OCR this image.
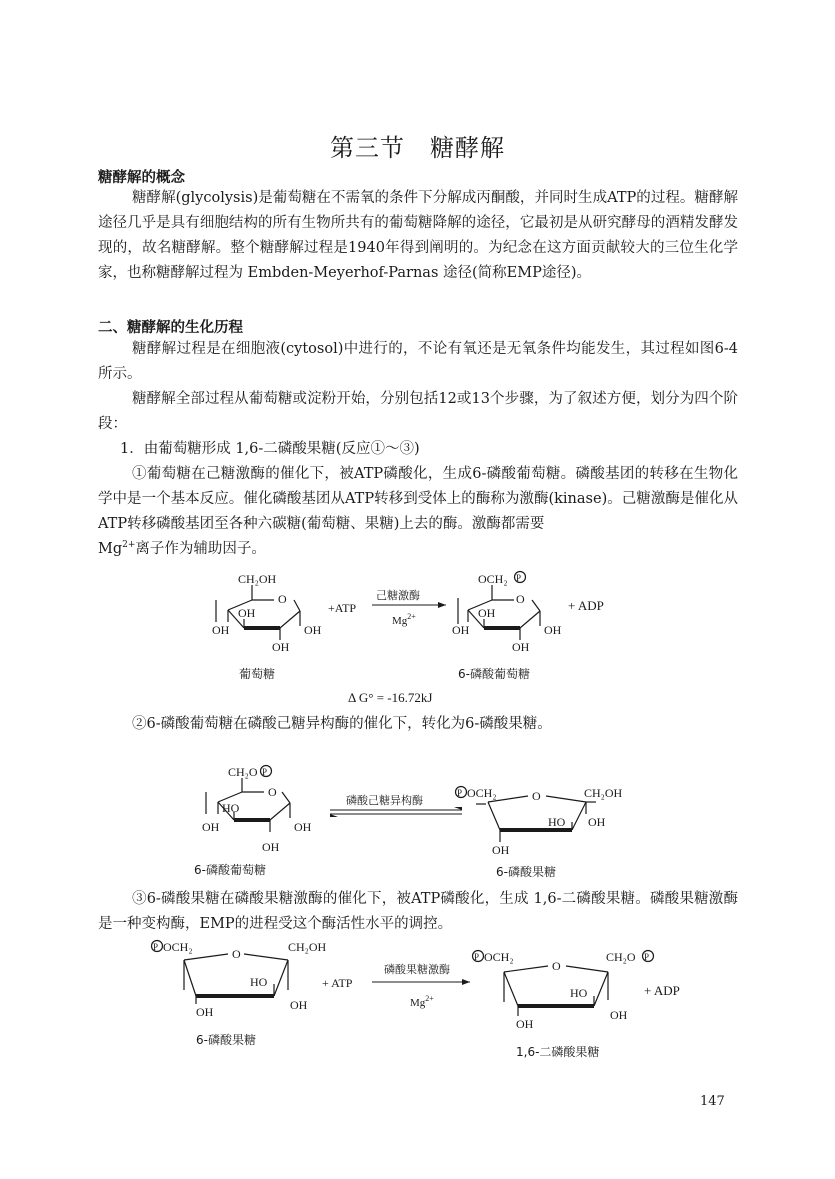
第三节　糖酵解
糖酵解的概念
糖酵解(glycolysis)是葡萄糖在不需氧的条件下分解成丙酮酸，并同时生成ATP的过程。糖酵解途径几乎是具有细胞结构的所有生物所共有的葡萄糖降解的途径，它最初是从研究酵母的酒精发酵发现的，故名糖酵解。整个糖酵解过程是1940年得到阐明的。为纪念在这方面贡献较大的三位生化学家，也称糖酵解过程为 Embden-Meyerhof-Parnas 途径(简称EMP途径)。
二、糖酵解的生化历程
糖酵解过程是在细胞液(cytosol)中进行的，不论有氧还是无氧条件均能发生，其过程如图6-4所示。
糖酵解全部过程从葡萄糖或淀粉开始，分别包括12或13个步骤，为了叙述方便，划分为四个阶段：
1．由葡萄糖形成 1,6-二磷酸果糖(反应①～③)
①葡萄糖在己糖激酶的催化下，被ATP磷酸化，生成6-磷酸葡萄糖。磷酸基团的转移在生物化学中是一个基本反应。催化磷酸基团从ATP转移到受体上的酶称为激酶(kinase)。己糖激酶是催化从ATP转移磷酸基团至各种六碳糖(葡萄糖、果糖)上去的酶。激酶都需要
$Mg^{2+}$离子作为辅助因子。
②6-磷酸葡萄糖在磷酸己糖异构酶的催化下，转化为6-磷酸果糖。
③6-磷酸果糖在磷酸果糖激酶的催化下，被ATP磷酸化，生成 1,6-二磷酸果糖。磷酸果糖激酶是一种变构酶，EMP的进程受这个酶活性水平的调控。
CH₂OH
O
OH
OH	OH
OH
葡萄糖
+ATP
己糖激酶
$Mg^{2+}$
OCH₂ P
O
OH
OH	OH
OH
6-磷酸葡萄糖
+ ADP
Δ G° = -16.72kJ
CH₂O P
O
HO
OH	OH
OH
6-磷酸葡萄糖
磷酸己糖异构酶
OCH₂
P	O	CH₂OH
HO OH
OH
6-磷酸果糖
OCH₂
P	O	CH₂OH
HO
OH
OH
6-磷酸果糖
+ ATP
磷酸果糖激酶
$Mg^{2+}$
OCH₂
P
O
CH₂O P
HO
OH
OH
+ ADP
1,6-二磷酸果糖
147
